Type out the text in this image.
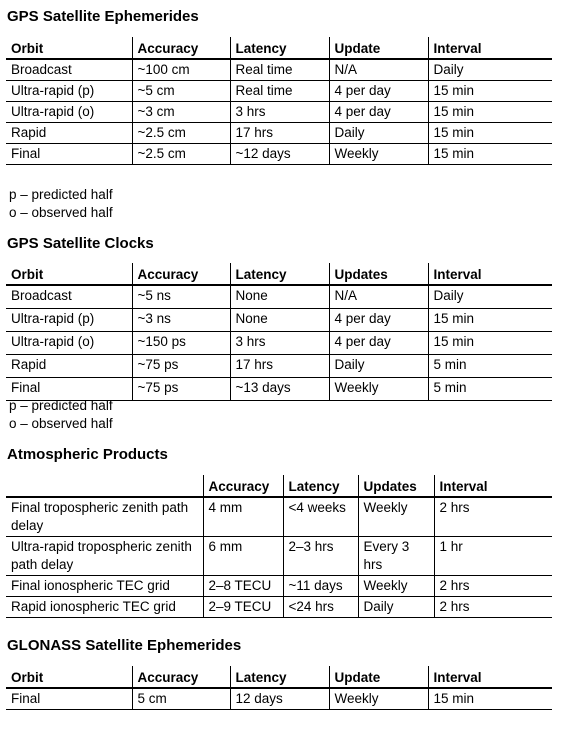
GPS Satellite Ephemerides
Orbit	Accuracy	Latency	Update	Interval
Broadcast	~100 cm	Real time	N/A	Daily
Ultra-rapid (p)	~5 cm	Real time	4 per day	15 min
Ultra-rapid (o)	~3 cm	3 hrs	4 per day	15 min
Rapid	~2.5 cm	17 hrs	Daily	15 min
Final	~2.5 cm	~12 days	Weekly	15 min
p – predicted half
o – observed half
GPS Satellite Clocks
Orbit	Accuracy	Latency	Updates	Interval
Broadcast	~5 ns	None	N/A	Daily
Ultra-rapid (p)	~3 ns	None	4 per day	15 min
Ultra-rapid (o)	~150 ps	3 hrs	4 per day	15 min
Rapid	~75 ps	17 hrs	Daily	5 min
Final	~75 ps	~13 days	Weekly	5 min
p – predicted half
o – observed half
Atmospheric Products
	Accuracy	Latency	Updates	Interval
Final tropospheric zenith path delay	4 mm	<4 weeks	Weekly	2 hrs
Ultra-rapid tropospheric zenith path delay	6 mm	2–3 hrs	Every 3 hrs	1 hr
Final ionospheric TEC grid	2–8 TECU	~11 days	Weekly	2 hrs
Rapid ionospheric TEC grid	2–9 TECU	<24 hrs	Daily	2 hrs
GLONASS Satellite Ephemerides
Orbit	Accuracy	Latency	Update	Interval
Final	5 cm	12 days	Weekly	15 min
